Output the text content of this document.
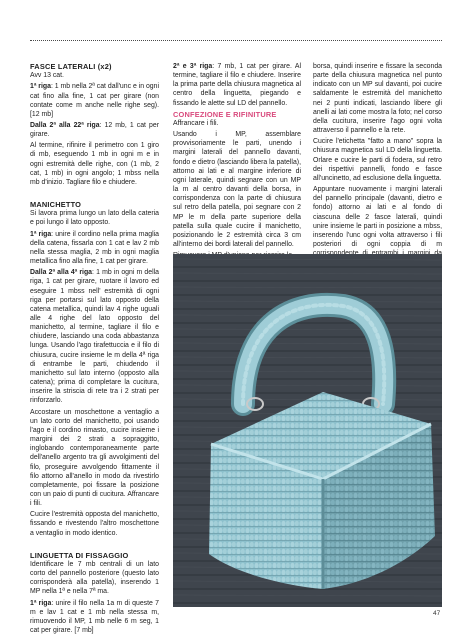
FASCE LATERALI (x2)

Avv 13 cat.

1ª riga: 1 mb nella 2ª cat dall'unc e in ogni cat fino alla fine, 1 cat per girare (non contate come m anche nelle righe seg). [12 mb]

Dalla 2ª alla 22ª riga: 12 mb, 1 cat per girare.

Al termine, rifinire il perimetro con 1 giro di mb, eseguendo 1 mb in ogni m e in ogni estremità delle righe, con (1 mb, 2 cat, 1 mb) in ogni angolo; 1 mbss nella mb d'inizio. Tagliare filo e chiudere.

MANICHETTO

Si lavora prima lungo un lato della cateria e poi lungo il lato opposto.

1ª riga: unire il cordino nella prima maglia della catena, fissarla con 1 cat e lav 2 mb nella stessa maglia, 2 mb in ogni maglia metallica fino alla fine, 1 cat per girare.

Dalla 2ª alla 4ª riga: 1 mb in ogni m della riga, 1 cat per girare, ruotare il lavoro ed eseguire 1 mbss nell' estremità di ogni riga per portarsi sul lato opposto della catena metallica, quindi lav 4 righe uguali alle 4 righe del lato opposto del manichetto, al termine, tagliare il filo e chiudere, lasciando una coda abbastanza lunga. Usando l'ago tirafettuccia e il filo di chiusura, cucire insieme le m della 4ª riga di entrambe le parti, chiudendo il manichetto sul lato interno (opposto alla catena); prima di completare la cucitura, inserire la striscia di rete tra i 2 strati per rinforzarlo.

Accostare un moschettone a ventaglio a un lato corto del manichetto, poi usando l'ago e il cordino rimasto, cucire insieme i margini dei 2 strati a sopraggitto, inglobando contemporaneamente parte dell'anello argento tra gli avvolgimenti del filo, proseguire avvolgendo fittamente il filo attorno all'anello in modo da rivestirlo completamente, poi fissare la posizione con un paio di punti di cucitura. Affrancare i fili.

Cucire l'estremità opposta del manichetto, fissando e rivestendo l'altro moschettone a ventaglio in modo identico.

LINGUETTA DI FISSAGGIO

Identificare le 7 mb centrali di un lato corto del pannello posteriore (questo lato corrisponderà alla patella), inserendo 1 MP nella 1ª e nella 7ª ma.

1ª riga: unire il filo nella 1a m di queste 7 m e lav 1 cat e 1 mb nella stessa m, rimuovendo il MP, 1 mb nelle 6 m seg, 1 cat per girare. [7 mb]

2ª e 3ª riga: 7 mb, 1 cat per girare. Al termine, tagliare il filo e chiudere. Inserire la prima parte della chiusura magnetica al centro della linguetta, piegando e fissando le alette sul LD del pannello.

CONFEZIONE E RIFINITURE

Affrancare i fili.

Usando i MP, assemblare provvisoriamente le parti, unendo i margini laterali del pannello davanti, fondo e dietro (lasciando libera la patella), attorno ai lati e al margine inferiore di ogni laterale, quindi segnare con un MP la m al centro davanti della borsa, in corrispondenza con la parte di chiusura sul retro della patella, poi segnare con 2 MP le m della parte superiore della patella sulla quale cucire il manichetto, posizionando le 2 estremità circa 3 cm all'interno dei bordi laterali del pannello.

borsa, quindi inserire e fissare la seconda parte della chiusura magnetica nel punto indicato con un MP sul davanti, poi cucire saldamente le estremità del manichetto nei 2 punti indicati, lasciando libere gli anelli ai lati come mostra la foto; nel corso della cucitura, inserire l'ago ogni volta attraverso il pannello e la rete.

Cucire l'etichetta "fatto a mano" sopra la chiusura magnetica sul LD della linguetta. Orlare e cucire le parti di fodera, sul retro dei rispettivi pannelli, fondo e fasce all'uncinetto, ad esclusione della linguetta.

Appuntare nuovamente i margini laterali del pannello principale (davanti, dietro e fondo) attorno ai lati e al fondo di ciascuna delle 2 fasce laterali, quindi unire insieme le parti in posizione a mbss, inserendo l'unc ogni volta attraverso i fili posteriori di ogni coppia di m

47
